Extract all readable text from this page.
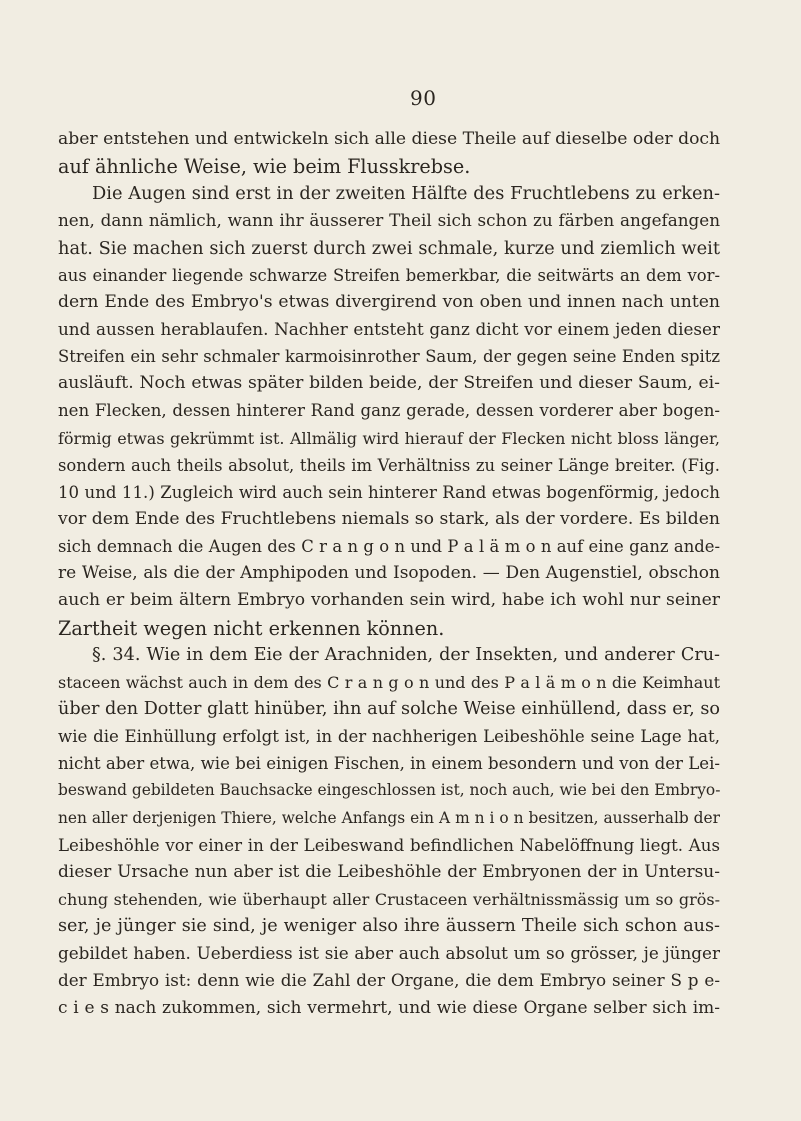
90
aber entstehen und entwickeln sich alle diese Theile auf dieselbe oder doch
auf ähnliche Weise, wie beim Flusskrebse.
Die Augen sind erst in der zweiten Hälfte des Fruchtlebens zu erken-
nen, dann nämlich, wann ihr äusserer Theil sich schon zu färben angefangen
hat. Sie machen sich zuerst durch zwei schmale, kurze und ziemlich weit
aus einander liegende schwarze Streifen bemerkbar, die seitwärts an dem vor-
dern Ende des Embryo's etwas divergirend von oben und innen nach unten
und aussen herablaufen. Nachher entsteht ganz dicht vor einem jeden dieser
Streifen ein sehr schmaler karmoisinrother Saum, der gegen seine Enden spitz
ausläuft. Noch etwas später bilden beide, der Streifen und dieser Saum, ei-
nen Flecken, dessen hinterer Rand ganz gerade, dessen vorderer aber bogen-
förmig etwas gekrümmt ist. Allmälig wird hierauf der Flecken nicht bloss länger,
sondern auch theils absolut, theils im Verhältniss zu seiner Länge breiter. (Fig.
10 und 11.) Zugleich wird auch sein hinterer Rand etwas bogenförmig, jedoch
vor dem Ende des Fruchtlebens niemals so stark, als der vordere. Es bilden
sich demnach die Augen des C r a n g o n und P a l ä m o n auf eine ganz ande-
re Weise, als die der Amphipoden und Isopoden. — Den Augenstiel, obschon
auch er beim ältern Embryo vorhanden sein wird, habe ich wohl nur seiner
Zartheit wegen nicht erkennen können.
§. 34. Wie in dem Eie der Arachniden, der Insekten, und anderer Cru-
staceen wächst auch in dem des C r a n g o n und des P a l ä m o n die Keimhaut
über den Dotter glatt hinüber, ihn auf solche Weise einhüllend, dass er, so
wie die Einhüllung erfolgt ist, in der nachherigen Leibeshöhle seine Lage hat,
nicht aber etwa, wie bei einigen Fischen, in einem besondern und von der Lei-
beswand gebildeten Bauchsacke eingeschlossen ist, noch auch, wie bei den Embryo-
nen aller derjenigen Thiere, welche Anfangs ein A m n i o n besitzen, ausserhalb der
Leibeshöhle vor einer in der Leibeswand befindlichen Nabelöffnung liegt. Aus
dieser Ursache nun aber ist die Leibeshöhle der Embryonen der in Untersu-
chung stehenden, wie überhaupt aller Crustaceen verhältnissmässig um so grös-
ser, je jünger sie sind, je weniger also ihre äussern Theile sich schon aus-
gebildet haben. Ueberdiess ist sie aber auch absolut um so grösser, je jünger
der Embryo ist: denn wie die Zahl der Organe, die dem Embryo seiner S p e-
c i e s nach zukommen, sich vermehrt, und wie diese Organe selber sich im-
